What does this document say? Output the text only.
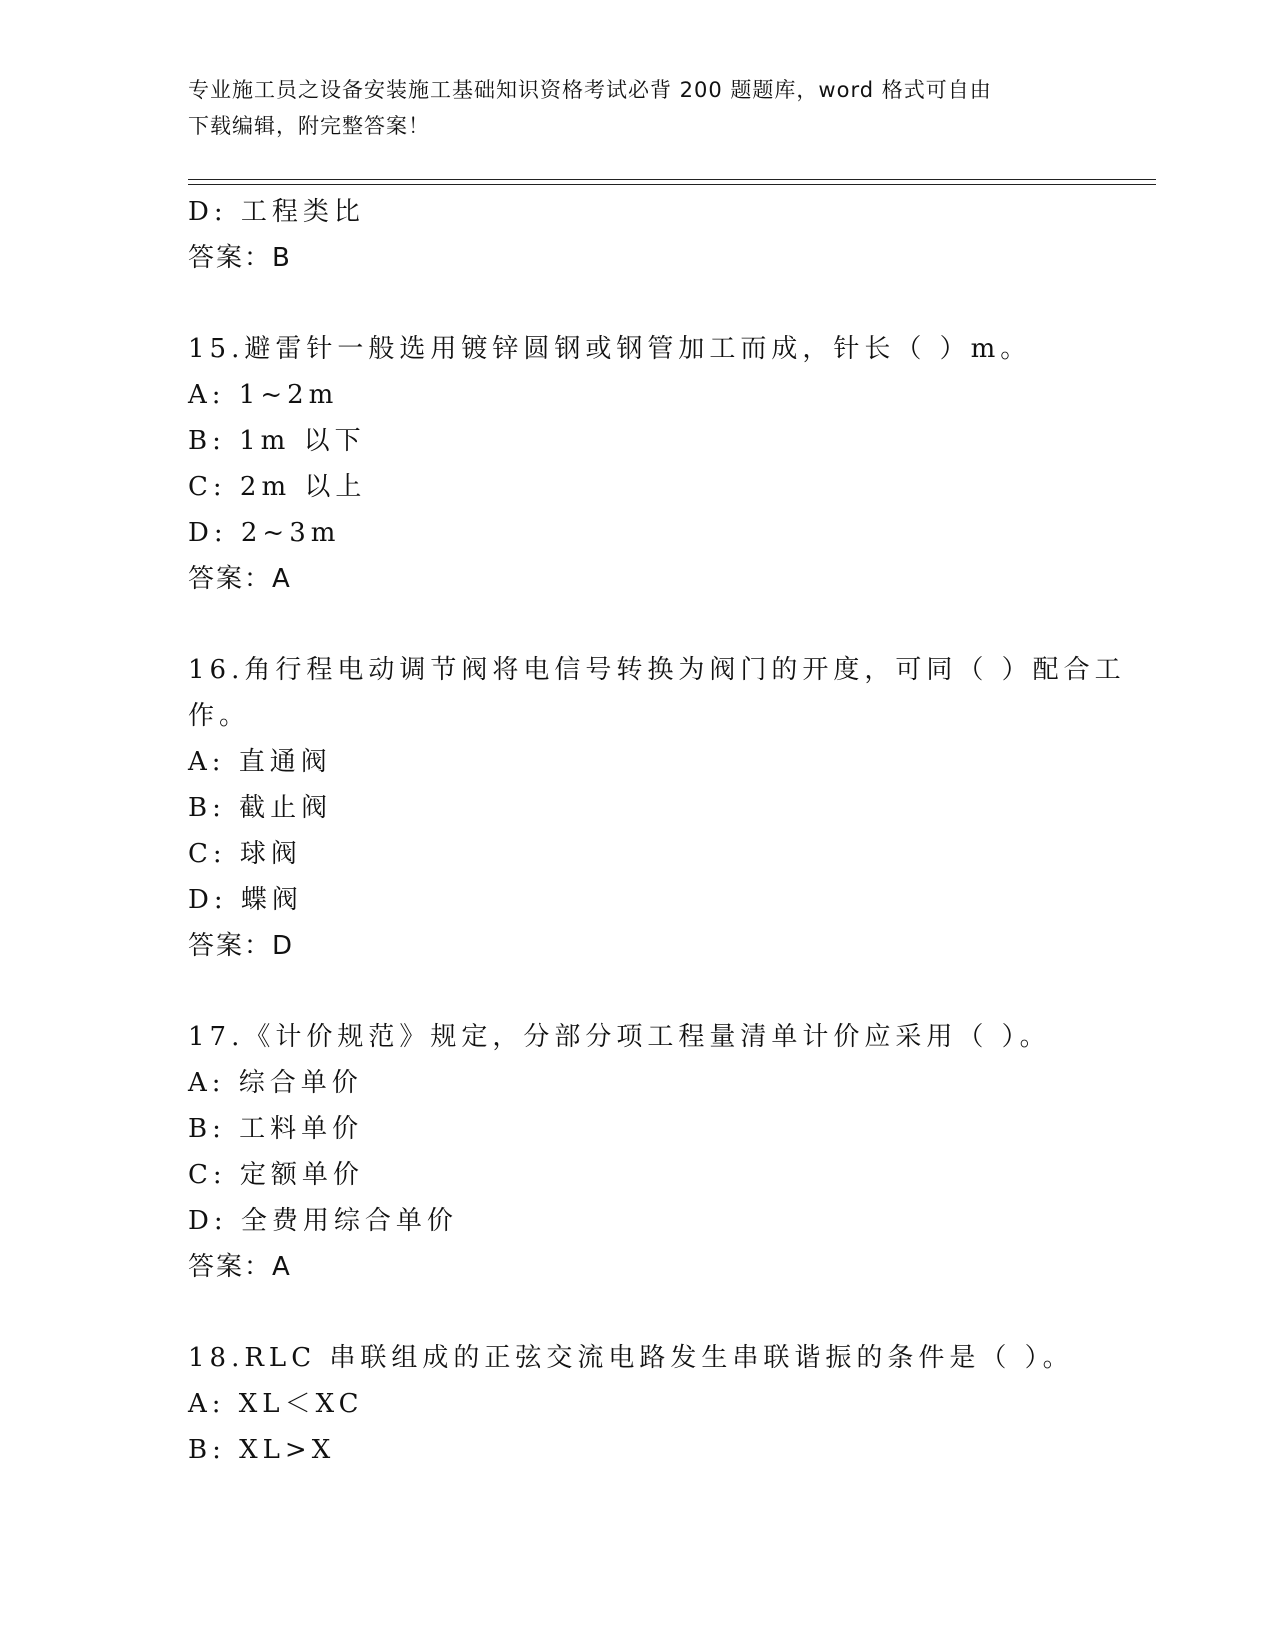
专业施工员之设备安装施工基础知识资格考试必背 200 题题库，word 格式可自由
下载编辑，附完整答案！
D: 工程类比
答案：B
15.避雷针一般选用镀锌圆钢或钢管加工而成，针长（ ）m。
A: 1~2m
B: 1m 以下
C: 2m 以上
D: 2~3m
答案：A
16.角行程电动调节阀将电信号转换为阀门的开度，可同（ ）配合工
作。
A: 直通阀
B: 截止阀
C: 球阀
D: 蝶阀
答案：D
17.《计价规范》规定，分部分项工程量清单计价应采用（ ）。
A: 综合单价
B: 工料单价
C: 定额单价
D: 全费用综合单价
答案：A
18.RLC 串联组成的正弦交流电路发生串联谐振的条件是（ ）。
A: XL＜XC
B: XL>X
